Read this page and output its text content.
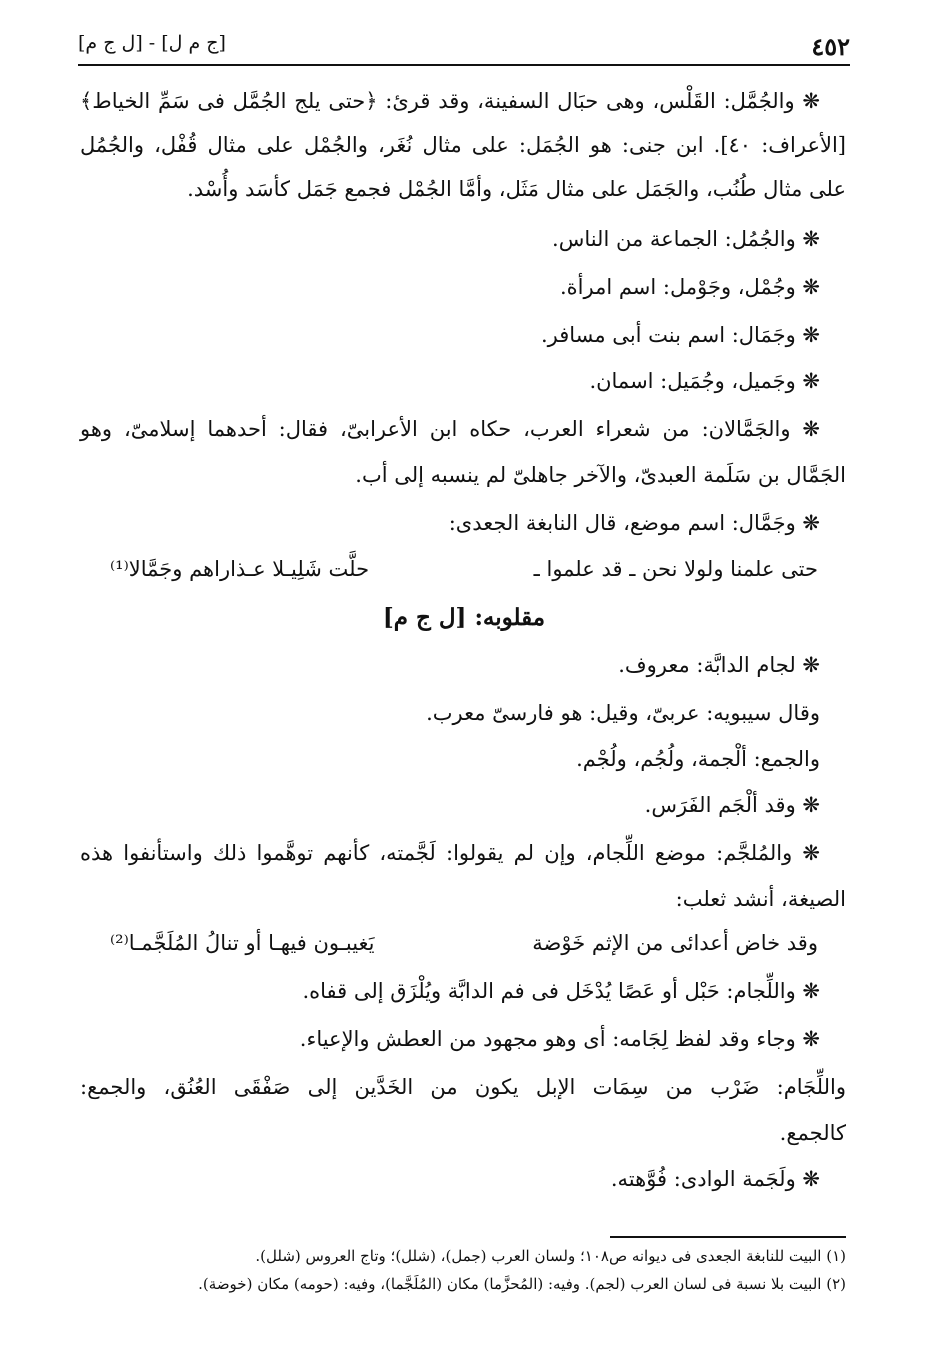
٤٥٢
[ج م ل] - [ل ج م]
❋ والجُمَّل: القَلْس، وهى حبَال السفينة، وقد قرئ: ﴿حتى يلج الجُمَّل فى سَمِّ الخياط﴾
[الأعراف: ٤٠]. ابن جنى: هو الجُمَل: على مثال نُغَر، والجُمْل على مثال قُفْل، والجُمُل
على مثال طُنُب، والجَمَل على مثال مَثَل، وأمَّا الجُمْل فجمع جَمَل كأسَد وأُسْد.
❋ والجُمُل: الجماعة من الناس.
❋ وجُمْل، وجَوْمل: اسم امرأة.
❋ وجَمَال: اسم بنت أبى مسافر.
❋ وجَميل، وجُمَيل: اسمان.
❋ والجَمَّالان: من شعراء العرب، حكاه ابن الأعرابىّ، فقال: أحدهما إسلامىّ، وهو
الجَمَّال بن سَلَمة العبدىّ، والآخر جاهلىّ لم ينسبه إلى أب.
❋ وجَمَّال: اسم موضع، قال النابغة الجعدى:
حتى علمنا ولولا نحن ـ قد علموا ـ
حلَّت شَلِيـلا عـذاراهم وجَمَّالا⁽¹⁾
مقلوبه: [ل ج م]
❋ لجام الدابَّة: معروف.
وقال سيبويه: عربىّ، وقيل: هو فارسىّ معرب.
والجمع: ألْجمة، ولُجُم، ولُجْم.
❋ وقد ألْجَم الفَرَس.
❋ والمُلجَّم: موضع اللِّجام، وإن لم يقولوا: لَجَّمته، كأنهم توهَّموا ذلك واستأنفوا هذه
الصيغة، أنشد ثعلب:
وقد خاض أعدائى من الإثم خَوْضة
يَغيبـون فيهـا أو تنالُ المُلَجَّمـا⁽²⁾
❋ واللِّجام: حَبْل أو عَصًا يُدْخَل فى فم الدابَّة ويُلْزَق إلى قفاه.
❋ وجاء وقد لفظ لِجَامه: أى وهو مجهود من العطش والإعياء.
واللِّجَام: ضَرْب من سِمَات الإبل يكون من الخَدَّين إلى صَفْقَى العُنُق، والجمع:
كالجمع.
❋ ولَجَمة الوادى: فُوَّهته.
(١) البيت للنابغة الجعدى فى ديوانه ص١٠٨؛ ولسان العرب (جمل)، (شلل)؛ وتاج العروس (شلل).
(٢) البيت بلا نسبة فى لسان العرب (لجم). وفيه: (المُحزَّما) مكان (المُلَجَّما)، وفيه: (حومه) مكان (خوضة).
